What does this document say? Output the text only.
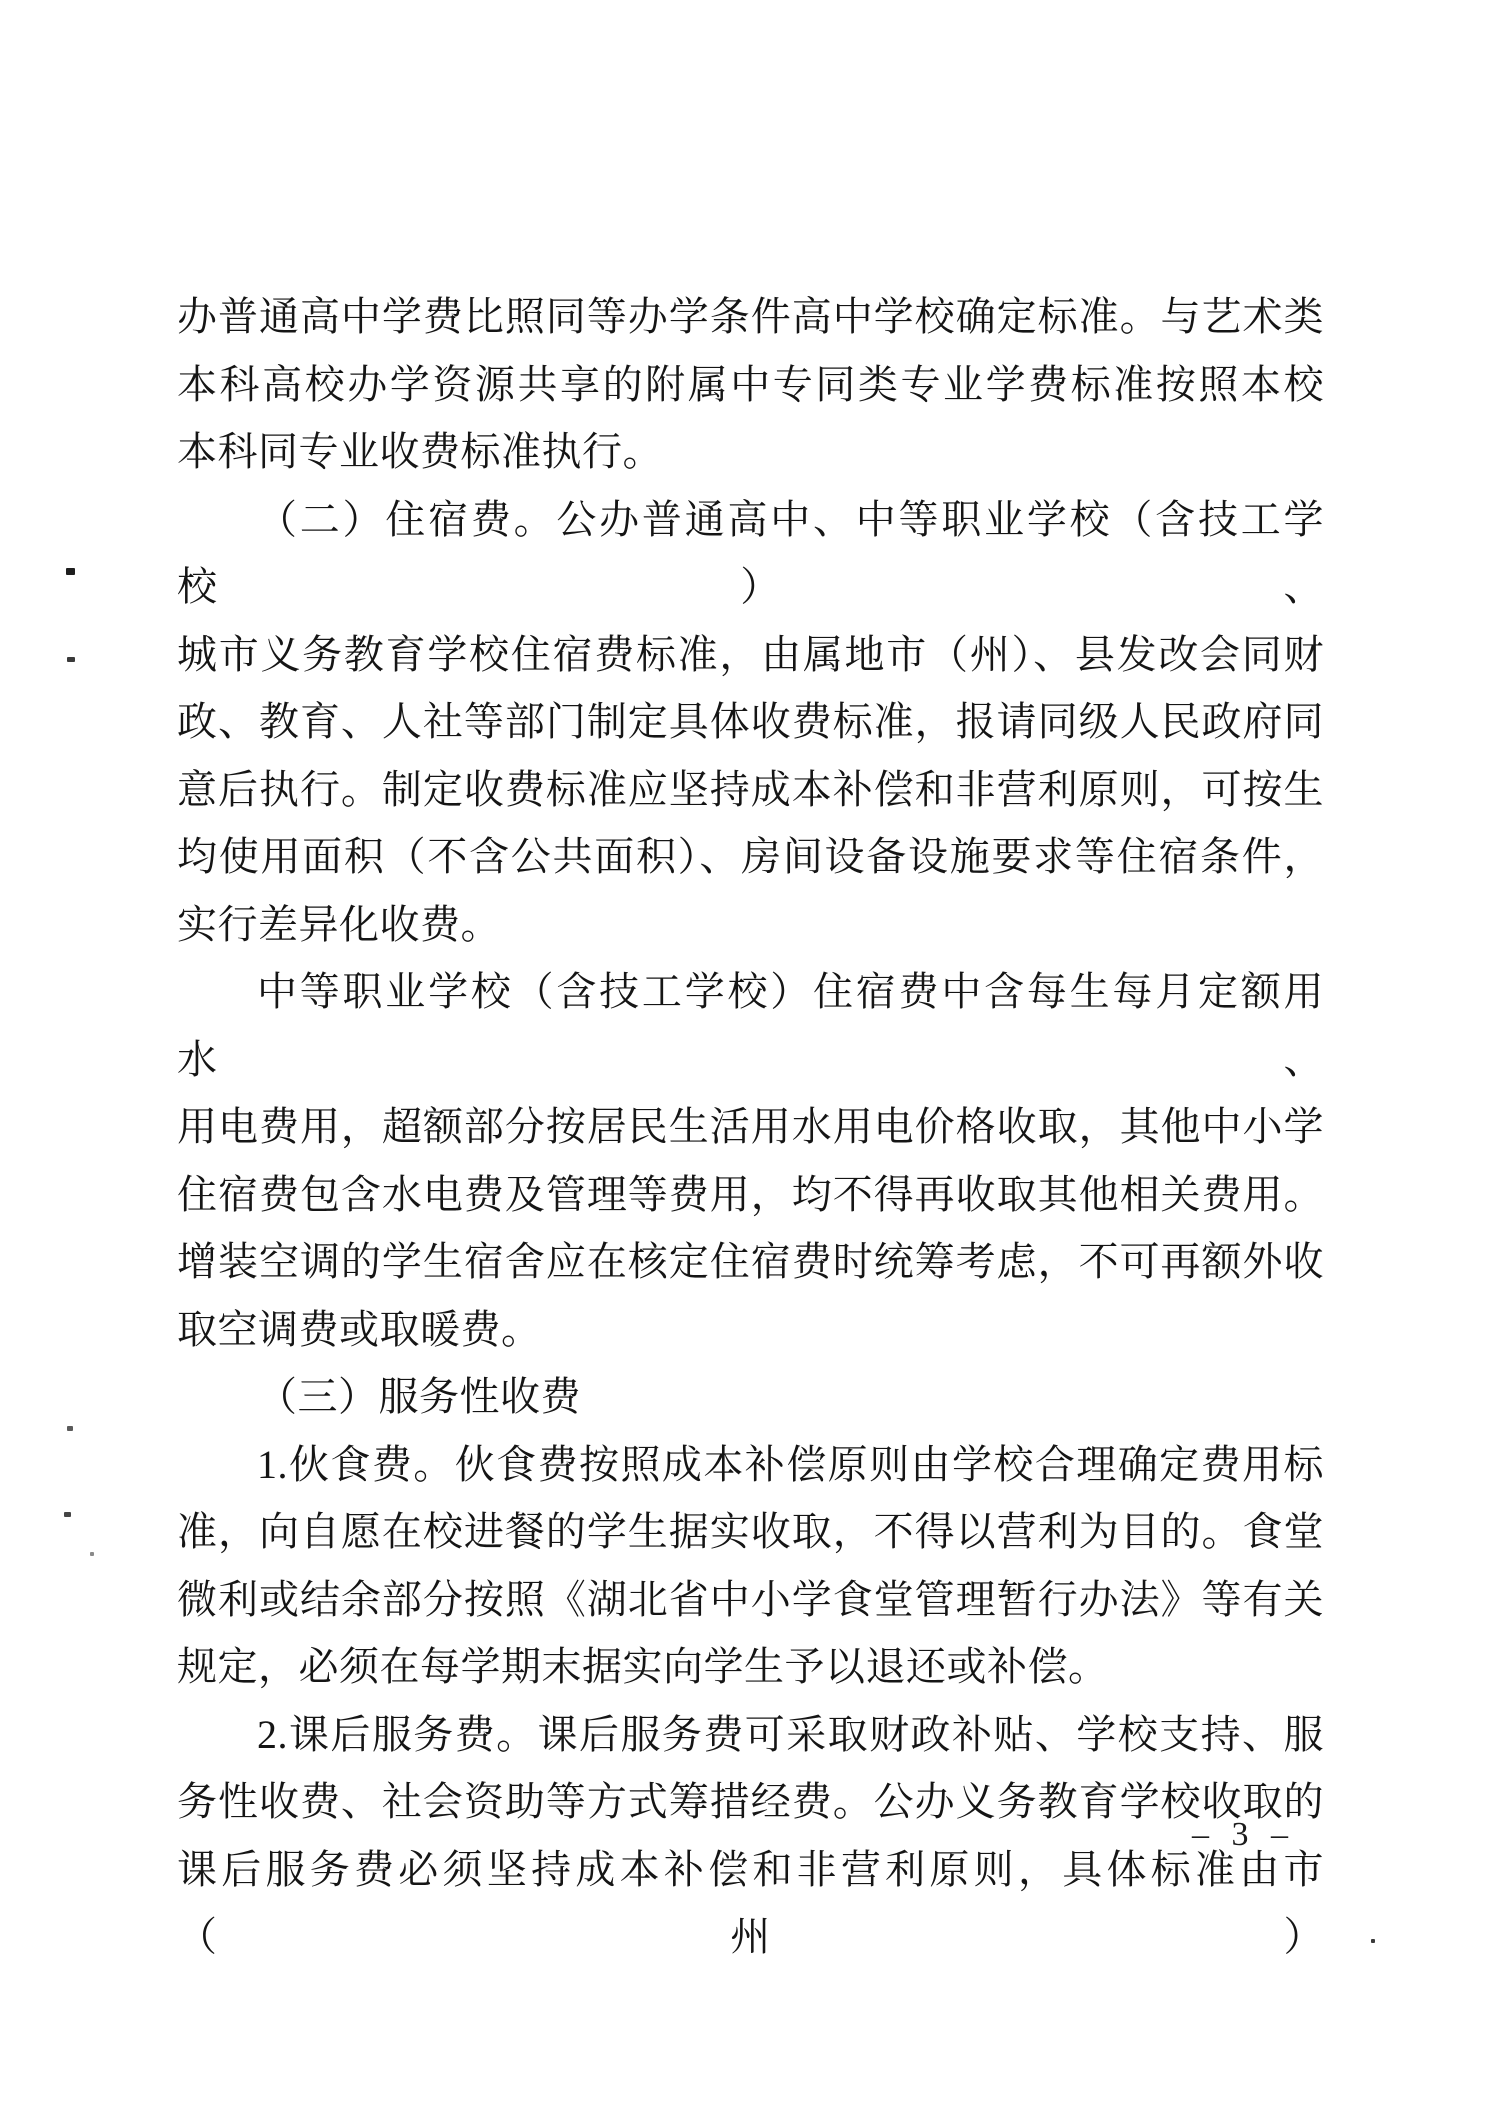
办普通高中学费比照同等办学条件高中学校确定标准。与艺术类
本科高校办学资源共享的附属中专同类专业学费标准按照本校
本科同专业收费标准执行。
（二）住宿费。公办普通高中、中等职业学校（含技工学校）、
城市义务教育学校住宿费标准，由属地市（州）、县发改会同财
政、教育、人社等部门制定具体收费标准，报请同级人民政府同
意后执行。制定收费标准应坚持成本补偿和非营利原则，可按生
均使用面积（不含公共面积）、房间设备设施要求等住宿条件，
实行差异化收费。
中等职业学校（含技工学校）住宿费中含每生每月定额用水、
用电费用，超额部分按居民生活用水用电价格收取，其他中小学
住宿费包含水电费及管理等费用，均不得再收取其他相关费用。
增装空调的学生宿舍应在核定住宿费时统筹考虑，不可再额外收
取空调费或取暖费。
（三）服务性收费
1.伙食费。伙食费按照成本补偿原则由学校合理确定费用标
准，向自愿在校进餐的学生据实收取，不得以营利为目的。食堂
微利或结余部分按照《湖北省中小学食堂管理暂行办法》等有关
规定，必须在每学期末据实向学生予以退还或补偿。
2.课后服务费。课后服务费可采取财政补贴、学校支持、服
务性收费、社会资助等方式筹措经费。公办义务教育学校收取的
课后服务费必须坚持成本补偿和非营利原则，具体标准由市（州）
– 3 –
